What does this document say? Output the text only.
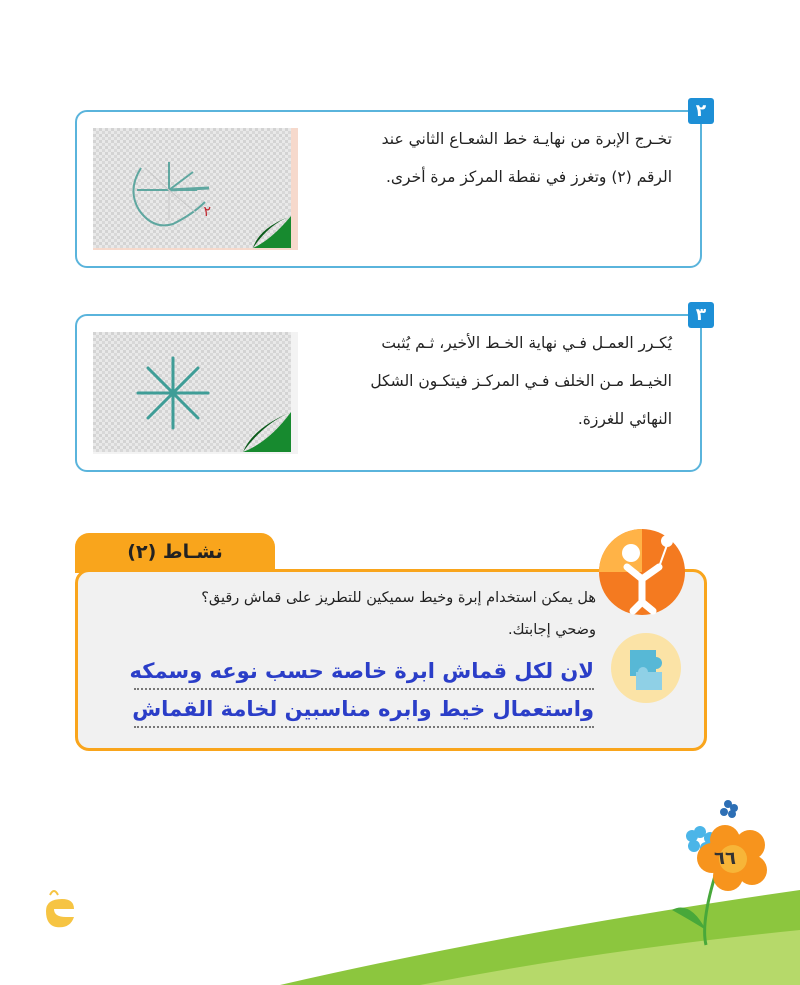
٢
تخـرج الإبرة من نهايـة خط الشعـاع الثاني عند الرقم (٢) وتغرز في نقطة المركز مرة أخرى.
٢
٣
يُكـرر العمـل فـي نهاية الخـط الأخير، ثـم يُثبت الخيـط مـن الخلف فـي المركـز فيتكـون الشكل النهائي للغرزة.
نشـاط (٢)
هل يمكن استخدام إبرة وخيط سميكين للتطريز على قماش رقيق؟ وضحي إجابتك.
لان لكل قماش ابرة خاصة حسب نوعه وسمكه
واستعمال خيط وابره مناسبين لخامة القماش
٦٦
